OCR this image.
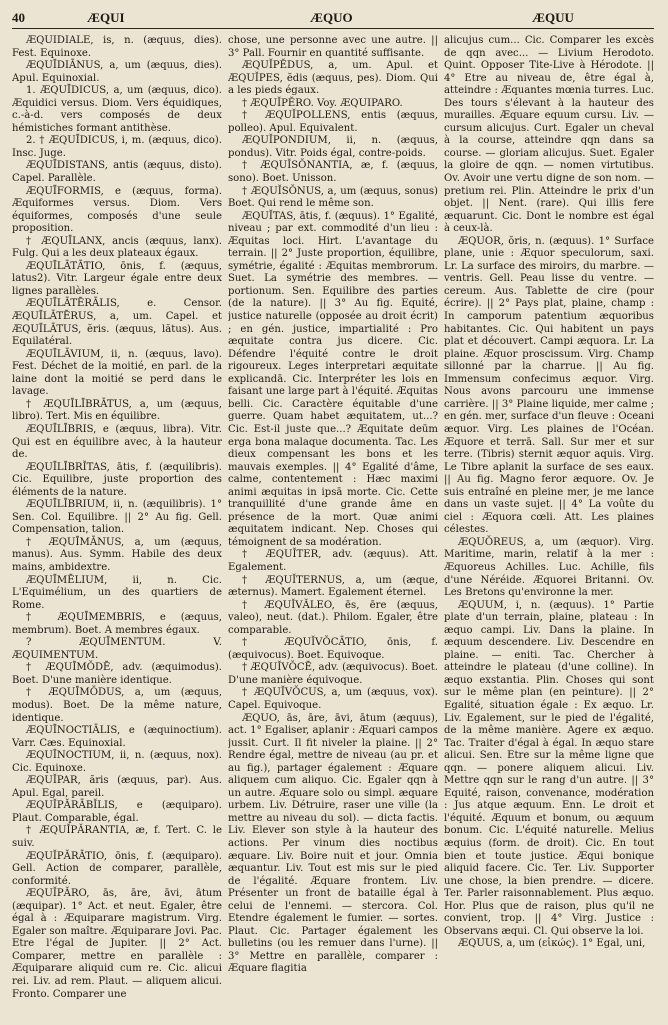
40	ÆQUI	ÆQUO	ÆQUU

ÆQUĪDIĀLE, is, n. (æquus, dies). Fest. Equinoxe.

ÆQUĪDIĀNUS, a, um (æquus, dies). Apul. Equinoxial.

1. ÆQUĪDICUS, a, um (æquus, dico). Æquidici versus. Diom. Vers équidiques, c.-à-d. vers composés de deux hémistiches formant antithèse.

2. † ÆQUĪDICUS, i, m. (æquus, dico). Insc. Juge.

ÆQUĪDISTANS, antis (æquus, disto). Capel. Parallèle.

ÆQUĪFORMIS, e (æquus, forma). Æquiformes versus. Diom. Vers équiformes, composés d'une seule proposition.

† ÆQUĪLANX, ancis (æquus, lanx). Fulg. Qui a les deux plateaux égaux.

ÆQUĪLĀTĀTIO, ōnis, f. (æquus, latus2). Vitr. Largeur égale entre deux lignes parallèles.

ÆQUĪLĀTĒRĀLIS, e. Censor. ÆQUĪLĀTĒRUS, a, um. Capel. et ÆQUĪLĀTUS, ĕris. (æquus, lătus). Aus. Equilatéral.

ÆQUĪLĀVIUM, ii, n. (æquus, lavo). Fest. Déchet de la moitié, en parl. de la laine dont la moitié se perd dans le lavage.

† ÆQUĪLĪBRĀTUS, a, um (æquus, libro). Tert. Mis en équilibre.

ÆQUĪLĪBRIS, e (æquus, libra). Vitr. Qui est en équilibre avec, à la hauteur de.

ÆQUĪLĪBRĬTAS, ātis, f. (æquilibris). Cic. Equilibre, juste proportion des éléments de la nature.

ÆQUĪLĪBRIUM, ii, n. (æquilibris). 1° Sen. Col. Equilibre. || 2° Au fig. Gell. Compensation, talion.

† ÆQUĪMĀNUS, a, um (æquus, manus). Aus. Symm. Habile des deux mains, ambidextre.

ÆQUĪMĒLIUM, ii, n. Cic. L'Equimélium, un des quartiers de Rome.

† ÆQUĪMEMBRIS, e (æquus, membrum). Boet. A membres égaux.

? ÆQUĪMENTUM. V. ÆQUIMENTUM.

† ÆQUĪMŎDĒ, adv. (æquimodus). Boet. D'une manière identique.

† ÆQUĪMŎDUS, a, um (æquus, modus). Boet. De la même nature, identique.

ÆQUĪNOCTIĀLIS, e (æquinoctium). Varr. Cæs. Equinoxial.

ÆQUĪNOCTIUM, ii, n. (æquus, nox). Cic. Equinoxe.

ÆQUĬPAR, ăris (æquus, par). Aus. Apul. Egal, pareil.

ÆQUĬPĂRĀBĬLIS, e (æquiparo). Plaut. Comparable, égal.

† ÆQUĬPĂRANTIA, æ, f. Tert. C. le suiv.

ÆQUĬPĂRĀTIO, ōnis, f. (æquiparo). Gell. Action de comparer, parallèle, conformité.

ÆQUĬPĂRO, ās, āre, āvi, ātum (æquipar). 1° Act. et neut. Egaler, être égal à : Æquiparare magistrum. Virg. Egaler son maître. Æquiparare Jovi. Pac. Etre l'égal de Jupiter. || 2° Act. Comparer, mettre en parallèle : Æquiparare aliquid cum re. Cic. alicui rei. Liv. ad rem. Plaut. — aliquem alicui. Fronto. Comparer une

chose, une personne avec une autre. || 3° Pall. Fournir en quantité suffisante.

ÆQUĬPĔDUS, a, um. Apul. et ÆQUĬPES, ĕdis (æquus, pes). Diom. Qui a les pieds égaux.

† ÆQUĬPĔRO. Voy. ÆQUIPARO.

† ÆQUĬPOLLENS, entis (æquus, polleo). Apul. Equivalent.

ÆQUĬPONDIUM, ii, n. (æquus, pondus). Vitr. Poids égal, contre-poids.

† ÆQUĬSŎNANTIA, æ, f. (æquus, sono). Boet. Unisson.

† ÆQUĬSŎNUS, a, um (æquus, sonus) Boet. Qui rend le même son.

ÆQUĬTAS, ātis, f. (æquus). 1° Egalité, niveau ; par ext. commodité d'un lieu : Æquitas loci. Hirt. L'avantage du terrain. || 2° Juste proportion, équilibre, symétrie, égalité : Æquitas membrorum. Suet. La symétrie des membres. — portionum. Sen. Equilibre des parties (de la nature). || 3° Au fig. Equité, justice naturelle (opposée au droit écrit) ; en gén. justice, impartialité : Pro æquitate contra jus dicere. Cic. Défendre l'équité contre le droit rigoureux. Leges interpretari æquitate explicandā. Cic. Interpréter les lois en faisant une large part à l'équité. Æquitas belli. Cic. Caractère équitable d'une guerre. Quam habet æquitatem, ut...? Cic. Est-il juste que...? Æquitate deūm erga bona malaque documenta. Tac. Les dieux compensant les bons et les mauvais exemples. || 4° Egalité d'âme, calme, contentement : Hæc maximi animi æquitas in ipsā morte. Cic. Cette tranquillité d'une grande âme en présence de la mort. Quæ animi æquitatem indicant. Nep. Choses qui témoignent de sa modération.

† ÆQUĬTER, adv. (æquus). Att. Egalement.

† ÆQUĬTERNUS, a, um (æque, æternus). Mamert. Egalement éternel.

† ÆQUĬVĂLEO, ēs, ēre (æquus, valeo), neut. (dat.). Philom. Egaler, être comparable.

† ÆQUĬVŎCĀTIO, ōnis, f. (æquivocus). Boet. Equivoque.

† ÆQUĬVŎCĒ, adv. (æquivocus). Boet. D'une manière équivoque.

† ÆQUĬVŎCUS, a, um (æquus, vox). Capel. Equivoque.

ÆQUO, ās, āre, āvi, ātum (æquus), act. 1° Egaliser, aplanir : Æquari campos jussit. Curt. Il fit niveler la plaine. || 2° Rendre égal, mettre de niveau (au pr. et au fig.), partager également : Æquare aliquem cum aliquo. Cic. Egaler qqn à un autre. Æquare solo ou simpl. æquare urbem. Liv. Détruire, raser une ville (la mettre au niveau du sol). — dicta factis. Liv. Elever son style à la hauteur des actions. Per vinum dies noctibus æquare. Liv. Boire nuit et jour. Omnia æquantur. Liv. Tout est mis sur le pied de l'égalité. Æquare frontem. Liv. Présenter un front de bataille égal à celui de l'ennemi. — stercora. Col. Etendre également le fumier. — sortes. Plaut. Cic. Partager également les bulletins (ou les remuer dans l'urne). || 3° Mettre en parallèle, comparer : Æquare flagitia

alicujus cum... Cic. Comparer les excès de qqn avec... — Livium Herodoto. Quint. Opposer Tite-Live à Hérodote. || 4° Etre au niveau de, être égal à, atteindre : Æquantes mœnia turres. Luc. Des tours s'élevant à la hauteur des murailles. Æquare equum cursu. Liv. — cursum alicujus. Curt. Egaler un cheval à la course, atteindre qqn dans sa course. — gloriam alicujus. Suet. Egaler la gloire de qqn. — nomen virtutibus. Ov. Avoir une vertu digne de son nom. — pretium rei. Plin. Atteindre le prix d'un objet. || Nent. (rare). Qui illis fere æquarunt. Cic. Dont le nombre est égal à ceux-là.

ÆQUOR, ŏris, n. (æquus). 1° Surface plane, unie : Æquor speculorum, saxi. Lr. La surface des miroirs, du marbre. — ventris. Gell. Peau lisse du ventre. — cereum. Aus. Tablette de cire (pour écrire). || 2° Pays plat, plaine, champ : In camporum patentium æquoribus habitantes. Cic. Qui habitent un pays plat et découvert. Campi æquora. Lr. La plaine. Æquor proscissum. Virg. Champ sillonné par la charrue. || Au fig. Immensum confecimus æquor. Virg. Nous avons parcouru une immense carrière. || 3° Plaine liquide, mer calme ; en gén. mer, surface d'un fleuve : Oceani æquor. Virg. Les plaines de l'Océan. Æquore et terrā. Sall. Sur mer et sur terre. (Tibris) sternit æquor aquis. Virg. Le Tibre aplanit la surface de ses eaux. || Au fig. Magno feror æquore. Ov. Je suis entraîné en pleine mer, je me lance dans un vaste sujet. || 4° La voûte du ciel : Æquora cœli. Att. Les plaines célestes.

ÆQUŎREUS, a, um (æquor). Virg. Maritime, marin, relatif à la mer : Æquoreus Achilles. Luc. Achille, fils d'une Néréide. Æquorei Britanni. Ov. Les Bretons qu'environne la mer.

ÆQUUM, i, n. (æquus). 1° Partie plate d'un terrain, plaine, plateau : In æquo campi. Liv. Dans la plaine. In æquum descendere. Liv. Descendre en plaine. — eniti. Tac. Chercher à atteindre le plateau (d'une colline). In æquo exstantia. Plin. Choses qui sont sur le même plan (en peinture). || 2° Egalité, situation égale : Ex æquo. Lr. Liv. Egalement, sur le pied de l'égalité, de la même manière. Agere ex æquo. Tac. Traiter d'égal à égal. In æquo stare alicui. Sen. Etre sur la même ligne que qqn. — ponere aliquem alicui. Liv. Mettre qqn sur le rang d'un autre. || 3° Equité, raison, convenance, modération : Jus atque æquum. Enn. Le droit et l'équité. Æquum et bonum, ou æquum bonum. Cic. L'équité naturelle. Melius æquius (form. de droit). Cic. En tout bien et toute justice. Æqui bonique aliquid facere. Cic. Ter. Liv. Supporter une chose, la bien prendre. — dicere. Ter. Parler raisonnablement. Plus æquo. Hor. Plus que de raison, plus qu'il ne convient, trop. || 4° Virg. Justice : Observans æqui. Cl. Qui observe la loi.

ÆQUUS, a, um (εἰκώς). 1° Egal, uni,
